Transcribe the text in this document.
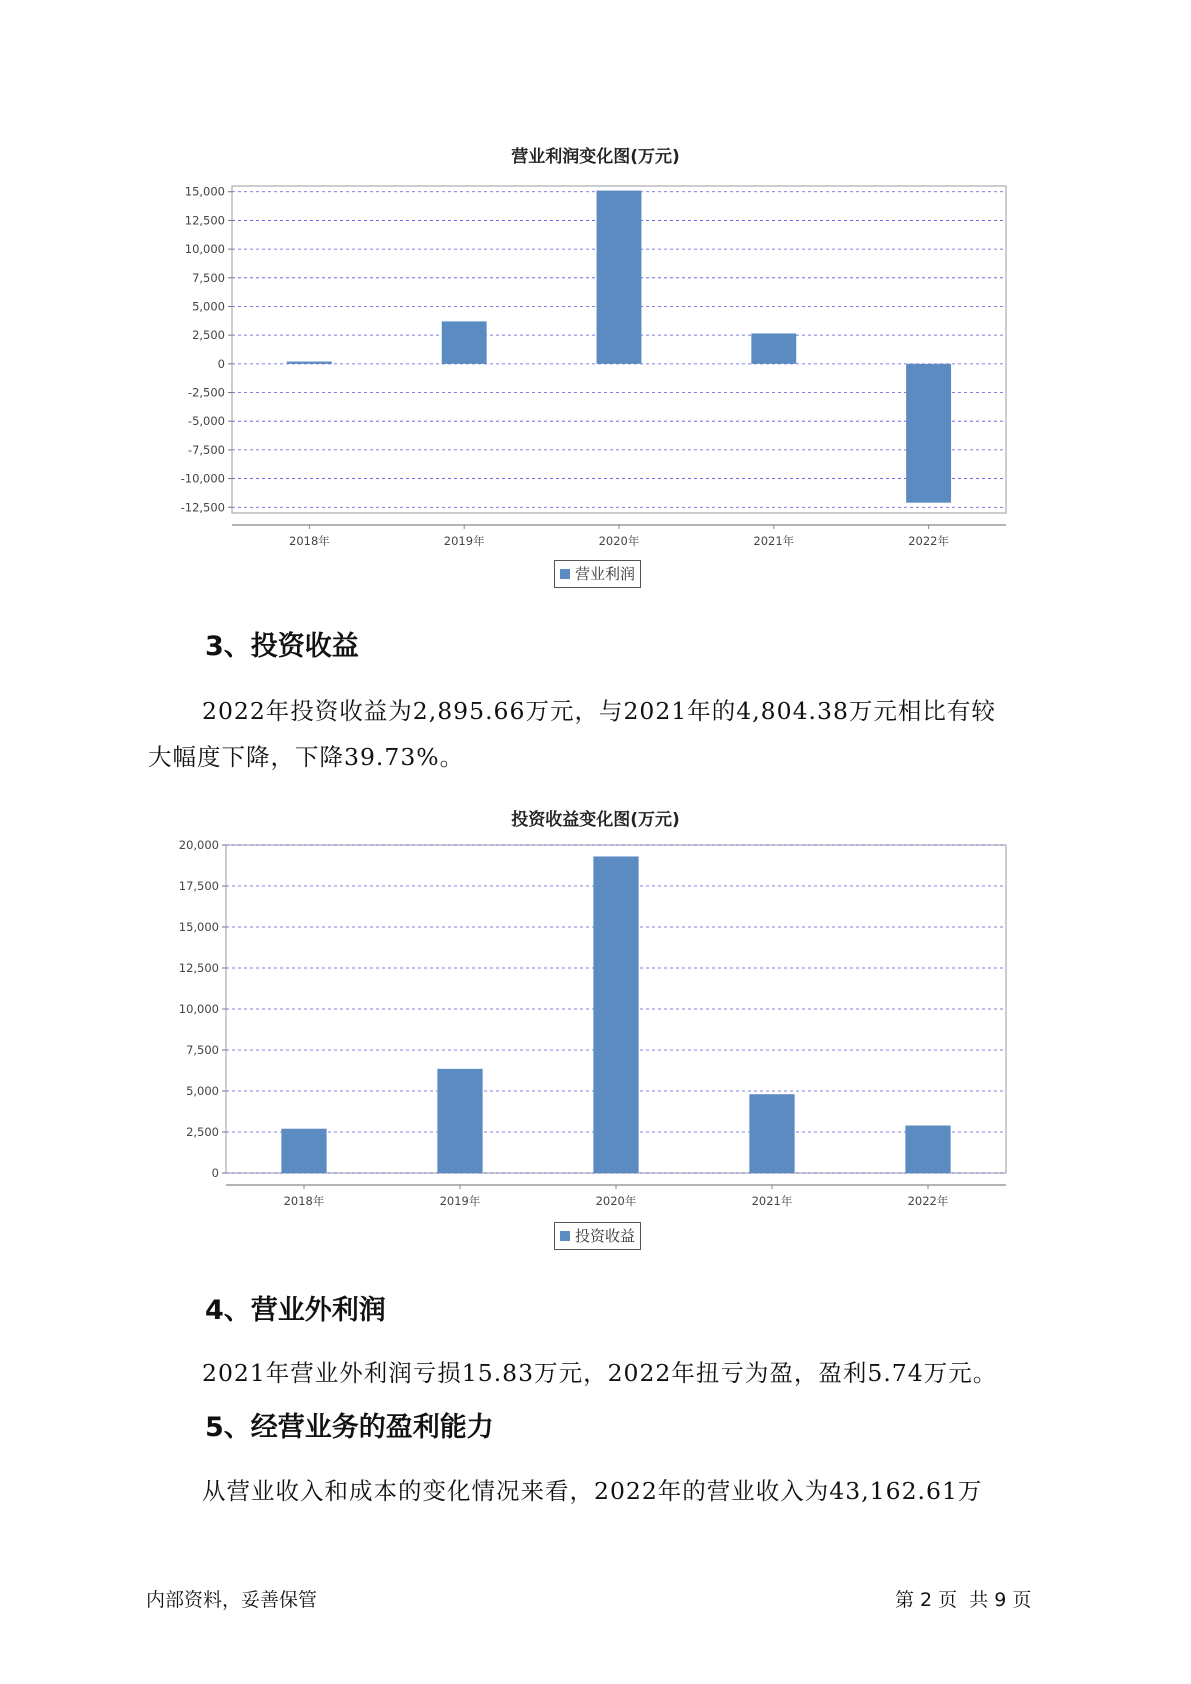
营业利润变化图(万元)
15,000
12,500
10,000
7,500
5,000
2,500
0
-2,500
-5,000
-7,500
-10,000
-12,500
2018年	2019年	2020年	2021年	2022年
营业利润
3、投资收益

2022年投资收益为2,895.66万元，与2021年的4,804.38万元相比有较

大幅度下降，下降39.73%。

投资收益变化图(万元)
20,000
17,500
15,000
12,500
10,000
7,500
5,000
2,500
0
2018年	2019年	2020年	2021年	2022年
投资收益
4、营业外利润

2021年营业外利润亏损15.83万元，2022年扭亏为盈，盈利5.74万元。

5、经营业务的盈利能力

从营业收入和成本的变化情况来看，2022年的营业收入为43,162.61万

内部资料，妥善保管	第 2 页  共 9 页
